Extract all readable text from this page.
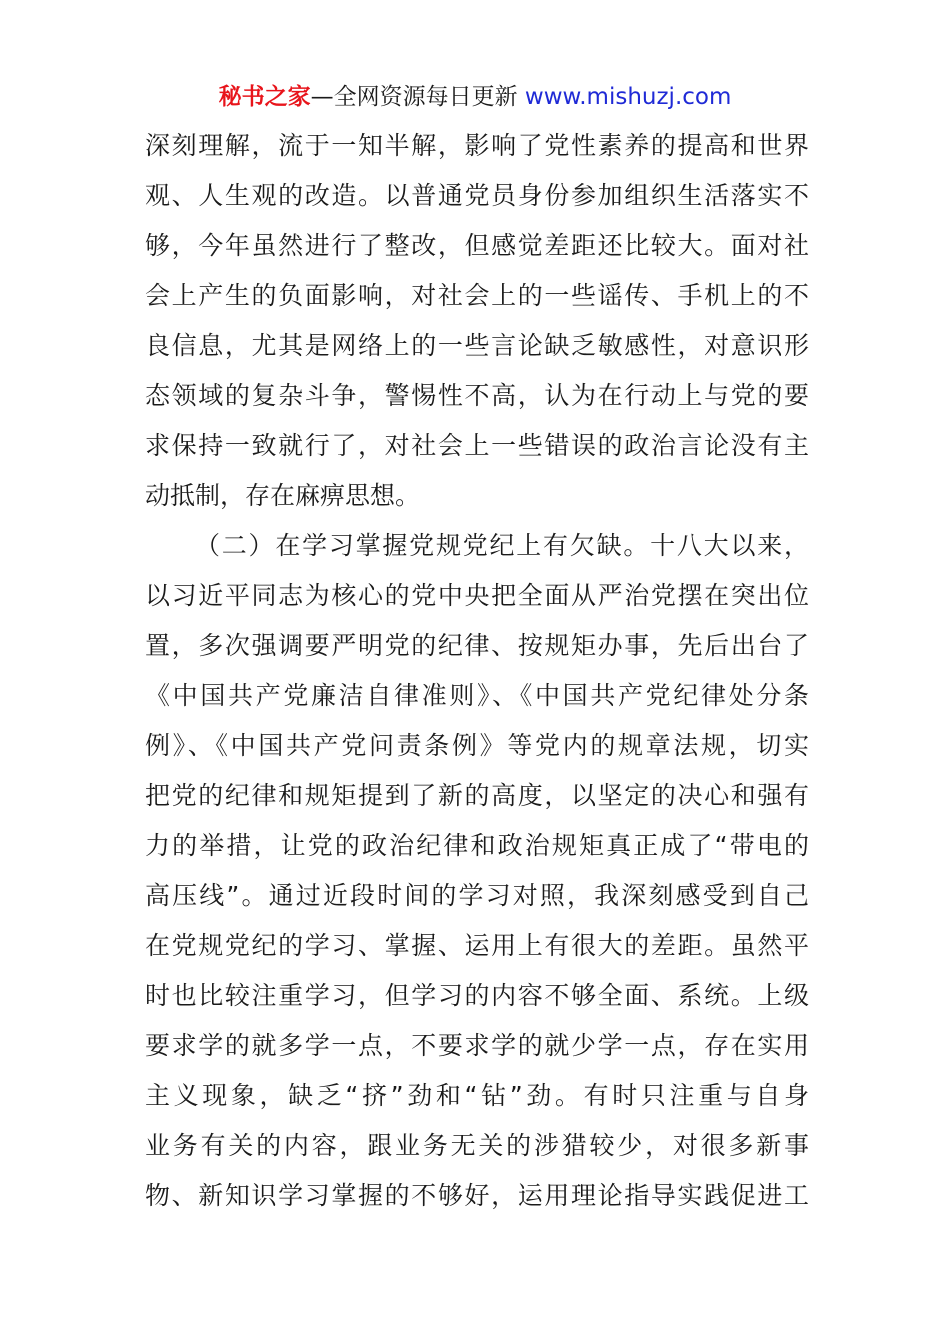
秘书之家—全网资源每日更新 www.mishuzj.com
深刻理解，流于一知半解，影响了党性素养的提高和世界
观、人生观的改造。以普通党员身份参加组织生活落实不
够，今年虽然进行了整改，但感觉差距还比较大。面对社
会上产生的负面影响，对社会上的一些谣传、手机上的不
良信息，尤其是网络上的一些言论缺乏敏感性，对意识形
态领域的复杂斗争，警惕性不高，认为在行动上与党的要
求保持一致就行了，对社会上一些错误的政治言论没有主
动抵制，存在麻痹思想。
（二）在学习掌握党规党纪上有欠缺。十八大以来，
以习近平同志为核心的党中央把全面从严治党摆在突出位
置，多次强调要严明党的纪律、按规矩办事，先后出台了
《中国共产党廉洁自律准则》、《中国共产党纪律处分条
例》、《中国共产党问责条例》等党内的规章法规，切实
把党的纪律和规矩提到了新的高度，以坚定的决心和强有
力的举措，让党的政治纪律和政治规矩真正成了“带电的
高压线”。通过近段时间的学习对照，我深刻感受到自己
在党规党纪的学习、掌握、运用上有很大的差距。虽然平
时也比较注重学习，但学习的内容不够全面、系统。上级
要求学的就多学一点，不要求学的就少学一点，存在实用
主义现象，缺乏“挤”劲和“钻”劲。有时只注重与自身
业务有关的内容，跟业务无关的涉猎较少，对很多新事
物、新知识学习掌握的不够好，运用理论指导实践促进工
